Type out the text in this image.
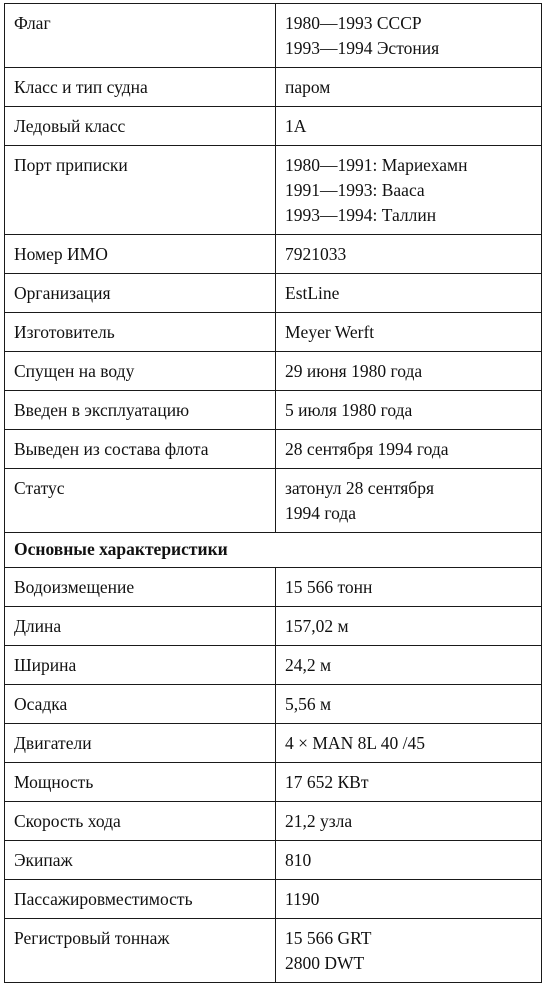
Флаг	1980—1993 СССР
1993—1994 Эстония

Класс и тип судна	паром

Ледовый класс	1А

Порт приписки	1980—1991: Мариехамн
1991—1993: Вааса
1993—1994: Таллин

Номер ИМО	7921033

Организация	EstLine

Изготовитель	Meyer Werft

Спущен на воду	29 июня 1980 года

Введен в эксплуатацию	5 июля 1980 года

Выведен из состава флота	28 сентября 1994 года

Статус	затонул 28 сентября
1994 года

Основные характеристики	
Водоизмещение	15 566 тонн

Длина	157,02 м

Ширина	24,2 м

Осадка	5,56 м

Двигатели	4 × MAN 8L 40 /45

Мощность	17 652 КВт

Скорость хода	21,2 узла

Экипаж	810

Пассажировместимость	1190

Регистровый тоннаж	15 566 GRT
2800 DWT
